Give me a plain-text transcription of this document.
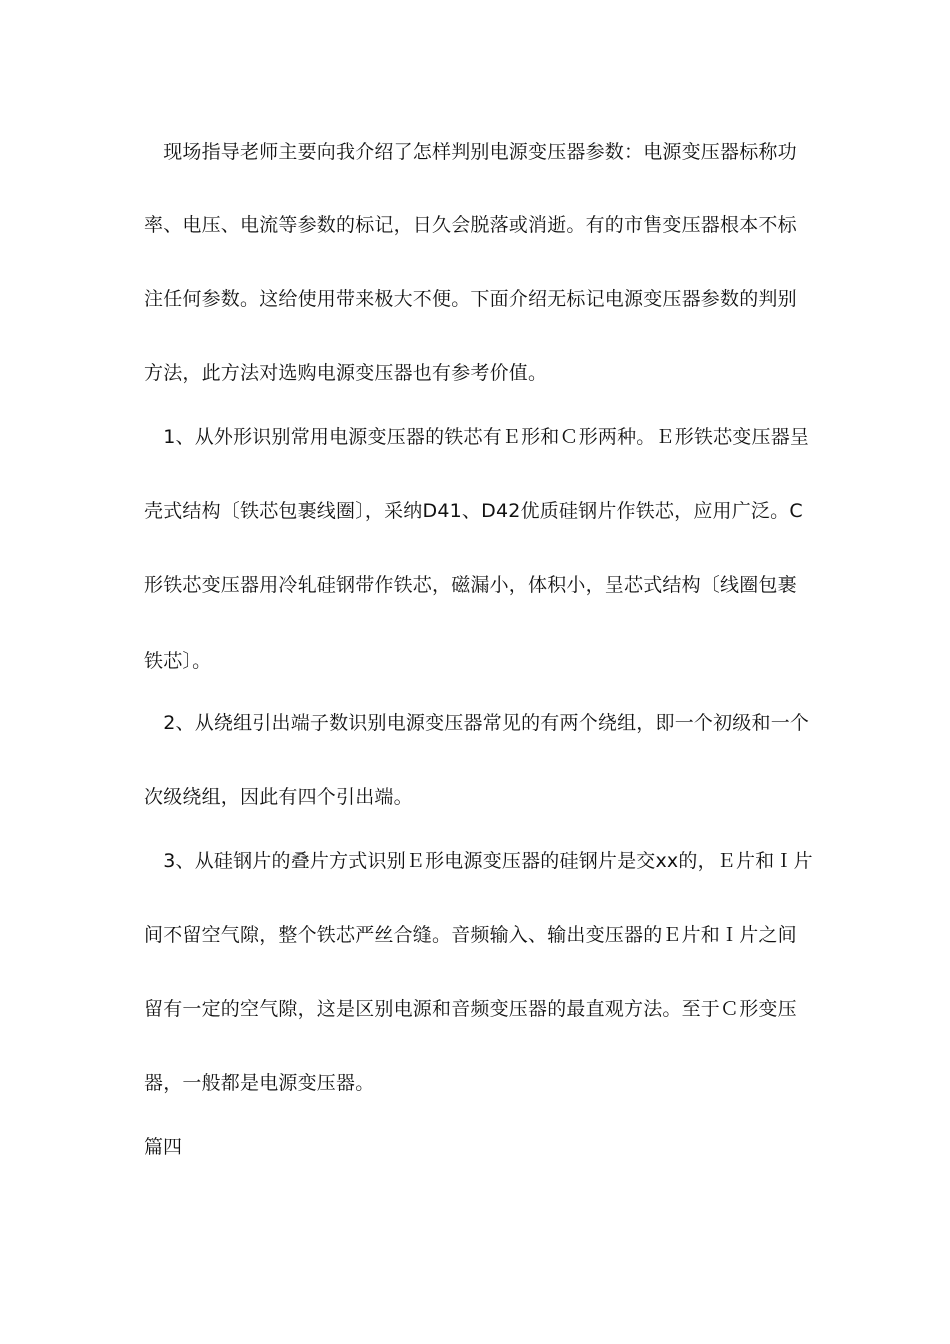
　现场指导老师主要向我介绍了怎样判别电源变压器参数：电源变压器标称功
率、电压、电流等参数的标记，日久会脱落或消逝。有的市售变压器根本不标
注任何参数。这给使用带来极大不便。下面介绍无标记电源变压器参数的判别
方法，此方法对选购电源变压器也有参考价值。
　1、从外形识别常用电源变压器的铁芯有Ｅ形和Ｃ形两种。Ｅ形铁芯变压器呈
壳式结构〔铁芯包裹线圈〕，采纳D41、D42优质硅钢片作铁芯，应用广泛。C
形铁芯变压器用冷轧硅钢带作铁芯，磁漏小，体积小，呈芯式结构〔线圈包裹
铁芯〕。
　2、从绕组引出端子数识别电源变压器常见的有两个绕组，即一个初级和一个
次级绕组，因此有四个引出端。
　3、从硅钢片的叠片方式识别Ｅ形电源变压器的硅钢片是交xx的，Ｅ片和Ｉ片
间不留空气隙，整个铁芯严丝合缝。音频输入、输出变压器的Ｅ片和Ｉ片之间
留有一定的空气隙，这是区别电源和音频变压器的最直观方法。至于Ｃ形变压
器，一般都是电源变压器。
篇四
